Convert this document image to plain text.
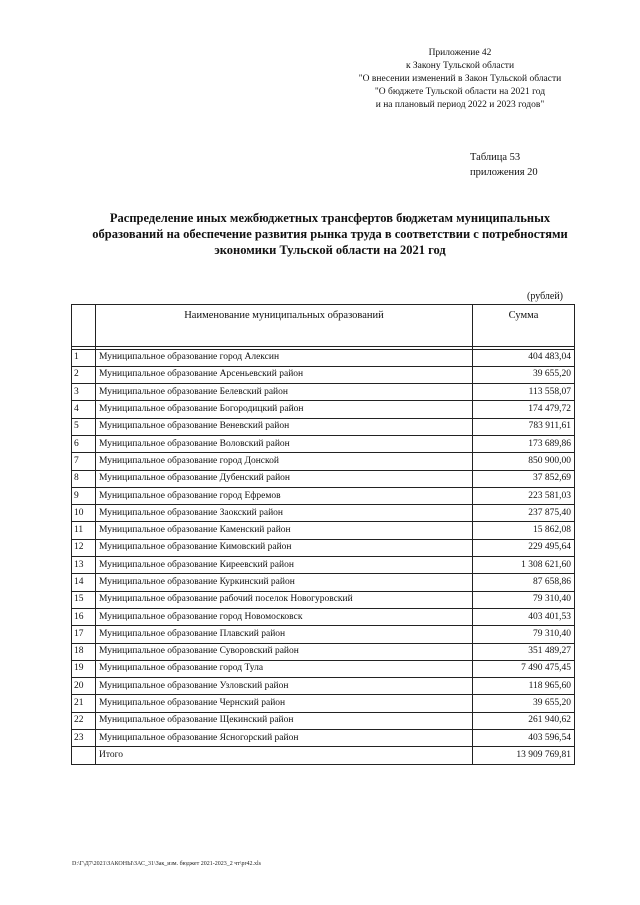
Приложение 42
к Закону Тульской области
"О внесении изменений в Закон Тульской области
"О бюджете Тульской области на 2021 год
и на плановый период 2022 и 2023 годов"
Таблица 53
приложения 20
Распределение иных межбюджетных трансфертов бюджетам муниципальных
образований на обеспечение развития рынка труда в соответствии с потребностями
экономики Тульской области на 2021 год
(рублей)
	Наименование муниципальных образований	Сумма

1	Муниципальное образование город Алексин	404 483,04
2	Муниципальное образование Арсеньевский район	39 655,20
3	Муниципальное образование Белевский район	113 558,07
4	Муниципальное образование Богородицкий район	174 479,72
5	Муниципальное образование Веневский район	783 911,61
6	Муниципальное образование Воловский район	173 689,86
7	Муниципальное образование город Донской	850 900,00
8	Муниципальное образование Дубенский район	37 852,69
9	Муниципальное образование город Ефремов	223 581,03
10	Муниципальное образование Заокский район	237 875,40
11	Муниципальное образование Каменский район	15 862,08
12	Муниципальное образование Кимовский район	229 495,64
13	Муниципальное образование Киреевский район	1 308 621,60
14	Муниципальное образование Куркинский район	87 658,86
15	Муниципальное образование рабочий поселок Новогуровский	79 310,40
16	Муниципальное образование город Новомосковск	403 401,53
17	Муниципальное образование Плавский район	79 310,40
18	Муниципальное образование Суворовский район	351 489,27
19	Муниципальное образование город Тула	7 490 475,45
20	Муниципальное образование Узловский район	118 965,60
21	Муниципальное образование Чернский район	39 655,20
22	Муниципальное образование Щекинский район	261 940,62
23	Муниципальное образование Ясногорский район	403 596,54
	Итого	13 909 769,81
D:\Г\Д7\2021\ЗАКОНЫ\ЗАС_31\Зак_изм. бюджет 2021-2023_2 чт\pr42.xls
